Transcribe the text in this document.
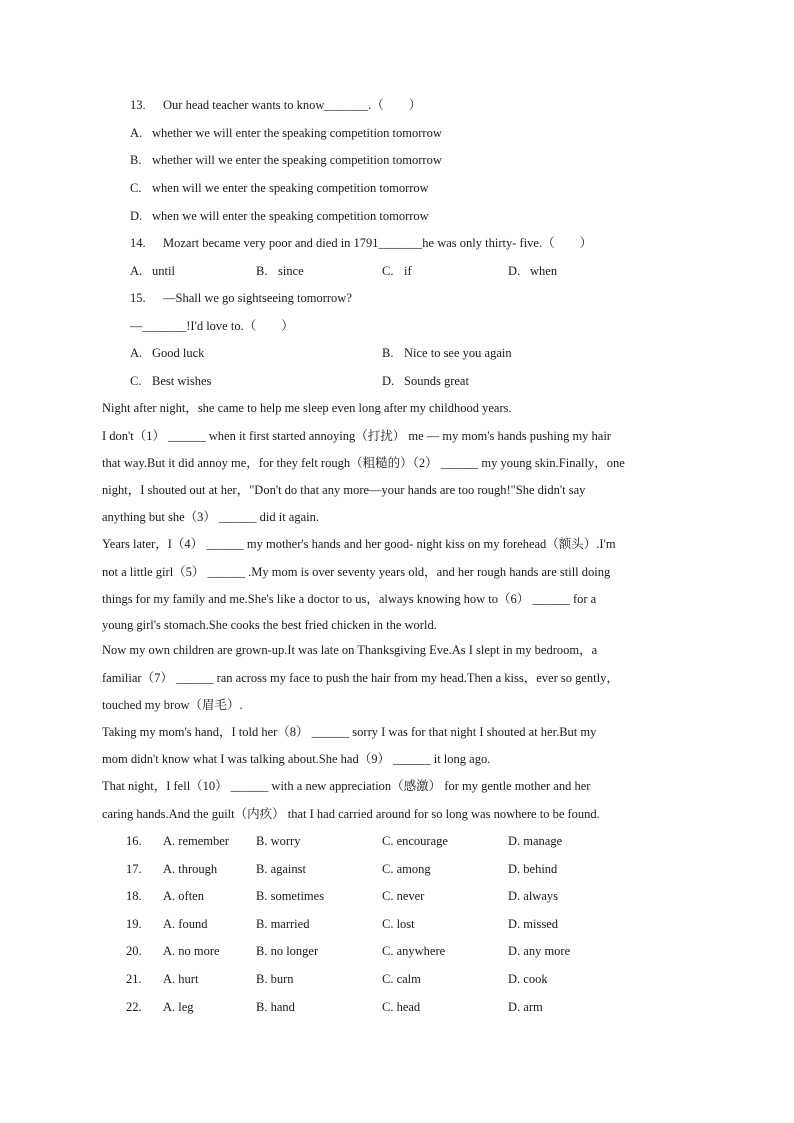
13. Our head teacher wants to know_______.（　　）
A. whether we will enter the speaking competition tomorrow
B. whether will we enter the speaking competition tomorrow
C. when will we enter the speaking competition tomorrow
D. when we will enter the speaking competition tomorrow
14. Mozart became very poor and died in 1791_______he was only thirty- five.（　　）
A. until	B. since	C. if	D. when
15. —Shall we go sightseeing tomorrow?
—_______!I'd love to.（　　）
A. Good luck	B. Nice to see you again
C. Best wishes	D. Sounds great
Night after night，she came to help me sleep even long after my childhood years.
I don't（1） ______ when it first started annoying（打扰） me — my mom's hands pushing my hair
that way.But it did annoy me，for they felt rough（粗糙的）（2） ______ my young skin.Finally，one
night，I shouted out at her，"Don't do that any more—your hands are too rough!"She didn't say
anything but she（3） ______ did it again.
Years later，I（4） ______ my mother's hands and her good- night kiss on my forehead（额头）.I'm
not a little girl（5） ______ .My mom is over seventy years old，and her rough hands are still doing
things for my family and me.She's like a doctor to us，always knowing how to（6） ______ for a
young girl's stomach.She cooks the best fried chicken in the world.
Now my own children are grown-up.It was late on Thanksgiving Eve.As I slept in my bedroom，a
familiar（7） ______ ran across my face to push the hair from my head.Then a kiss，ever so gently，
touched my brow（眉毛）.
Taking my mom's hand，I told her（8） ______ sorry I was for that night I shouted at her.But my
mom didn't know what I was talking about.She had（9） ______ it long ago.
That night，I fell（10） ______ with a new appreciation（感激） for my gentle mother and her
caring hands.And the guilt（内疚） that I had carried around for so long was nowhere to be found.
16. A. remember B. worry	C. encourage	D. manage
17. A. through	B. against	C. among	D. behind
18. A. often	B. sometimes	C. never	D. always
19. A. found	B. married	C. lost	D. missed
20. A. no more	B. no longer	C. anywhere	D. any more
21. A. hurt	B. burn	C. calm	D. cook
22. A. leg	B. hand	C. head	D. arm
